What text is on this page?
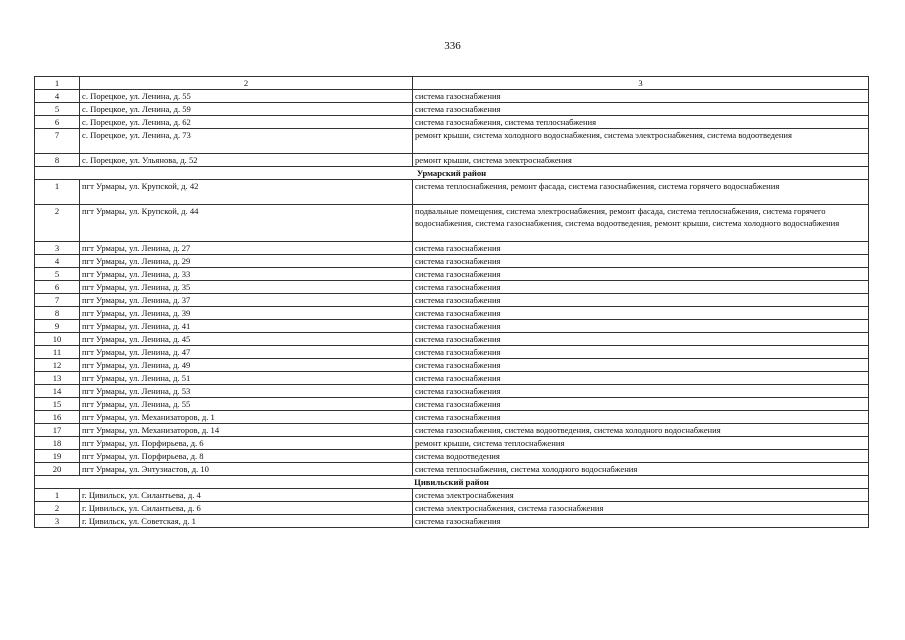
336
1	2	3
4	с. Порецкое, ул. Ленина, д. 55	система газоснабжения
5	с. Порецкое, ул. Ленина, д. 59	система газоснабжения
6	с. Порецкое, ул. Ленина, д. 62	система газоснабжения, система теплоснабжения
7	с. Порецкое, ул. Ленина, д. 73	ремонт крыши, система холодного водоснабжения, система электроснабжения, система водоотведения
8	с. Порецкое, ул. Ульянова, д. 52	ремонт крыши, система электроснабжения
Урмарский район		
1	пгт Урмары, ул. Крупской, д. 42	система теплоснабжения, ремонт фасада, система газоснабжения, система горячего водоснабжения
2	пгт Урмары, ул. Крупской, д. 44	подвальные помещения, система электроснабжения, ремонт фасада, система теплоснабжения, система горячего водоснабжения, система газоснабжения, система водоотведения, ремонт крыши, система холодного водоснабжения
3	пгт Урмары, ул. Ленина, д. 27	система газоснабжения
4	пгт Урмары, ул. Ленина, д. 29	система газоснабжения
5	пгт Урмары, ул. Ленина, д. 33	система газоснабжения
6	пгт Урмары, ул. Ленина, д. 35	система газоснабжения
7	пгт Урмары, ул. Ленина, д. 37	система газоснабжения
8	пгт Урмары, ул. Ленина, д. 39	система газоснабжения
9	пгт Урмары, ул. Ленина, д. 41	система газоснабжения
10	пгт Урмары, ул. Ленина, д. 45	система газоснабжения
11	пгт Урмары, ул. Ленина, д. 47	система газоснабжения
12	пгт Урмары, ул. Ленина, д. 49	система газоснабжения
13	пгт Урмары, ул. Ленина, д. 51	система газоснабжения
14	пгт Урмары, ул. Ленина, д. 53	система газоснабжения
15	пгт Урмары, ул. Ленина, д. 55	система газоснабжения
16	пгт Урмары, ул. Механизаторов, д. 1	система газоснабжения
17	пгт Урмары, ул. Механизаторов, д. 14	система газоснабжения, система водоотведения, система холодного водоснабжения
18	пгт Урмары, ул. Порфирьева, д. 6	ремонт крыши, система теплоснабжения
19	пгт Урмары, ул. Порфирьева, д. 8	система водоотведения
20	пгт Урмары, ул. Энтузиастов, д. 10	система теплоснабжения, система холодного водоснабжения
Цивильский район		
1	г. Цивильск, ул. Силантьева, д. 4	система электроснабжения
2	г. Цивильск, ул. Силантьева, д. 6	система электроснабжения, система газоснабжения
3	г. Цивильск, ул. Советская, д. 1	система газоснабжения
